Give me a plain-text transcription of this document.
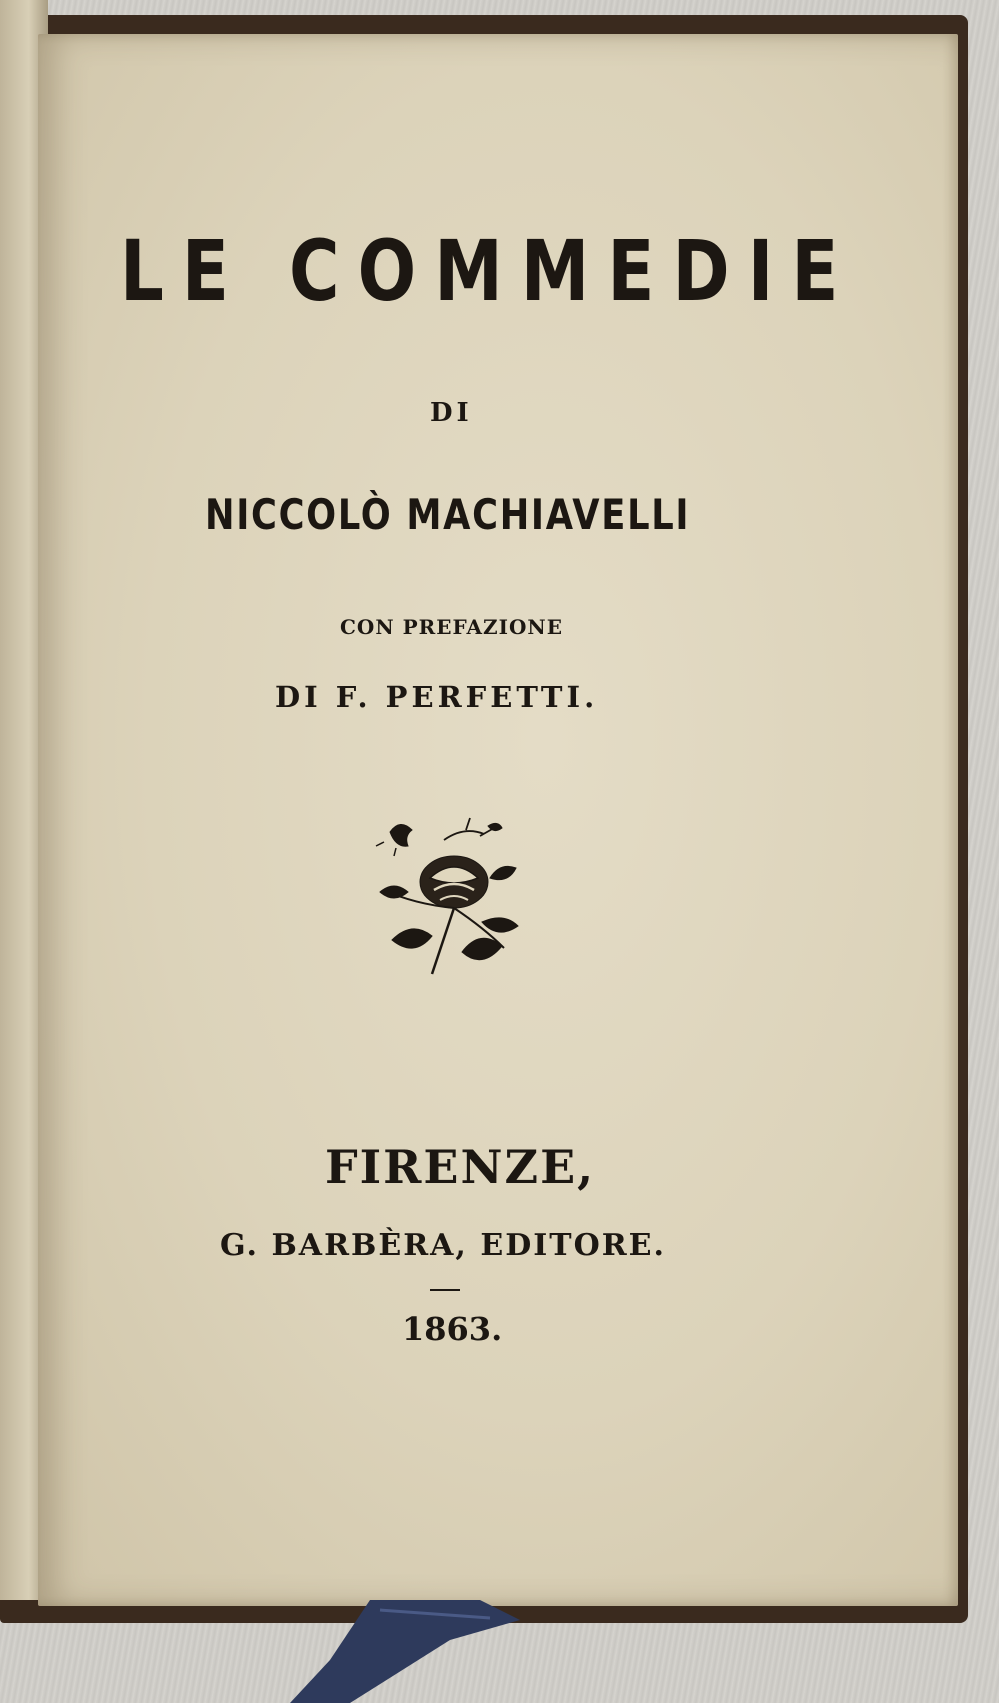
LE COMMEDIE
DI
NICCOLÒ MACHIAVELLI
CON PREFAZIONE
DI F. PERFETTI.
FIRENZE,
G. BARBÈRA, EDITORE.
1863.
